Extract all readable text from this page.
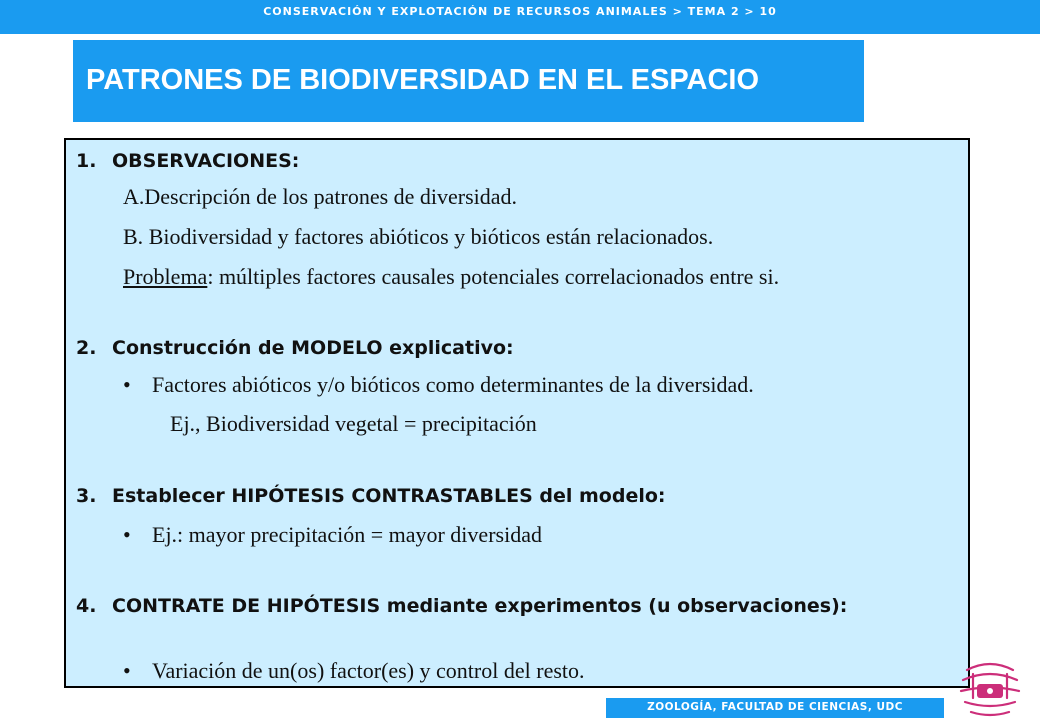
CONSERVACIÓN Y EXPLOTACIÓN DE RECURSOS ANIMALES > TEMA 2 > 10
PATRONES DE BIODIVERSIDAD EN EL ESPACIO
1. OBSERVACIONES:
A.Descripción de los patrones de diversidad.
B. Biodiversidad y factores abióticos y bióticos están relacionados.
Problema: múltiples factores causales potenciales correlacionados entre si.
2. Construcción de MODELO explicativo:
• Factores abióticos y/o bióticos como determinantes de la diversidad.
Ej., Biodiversidad vegetal = precipitación
3. Establecer HIPÓTESIS CONTRASTABLES del modelo:
• Ej.: mayor precipitación = mayor diversidad
4. CONTRATE DE HIPÓTESIS mediante experimentos (u observaciones):
• Variación de un(os) factor(es) y control del resto.
ZOOLOGÍA, FACULTAD DE CIENCIAS, UDC
